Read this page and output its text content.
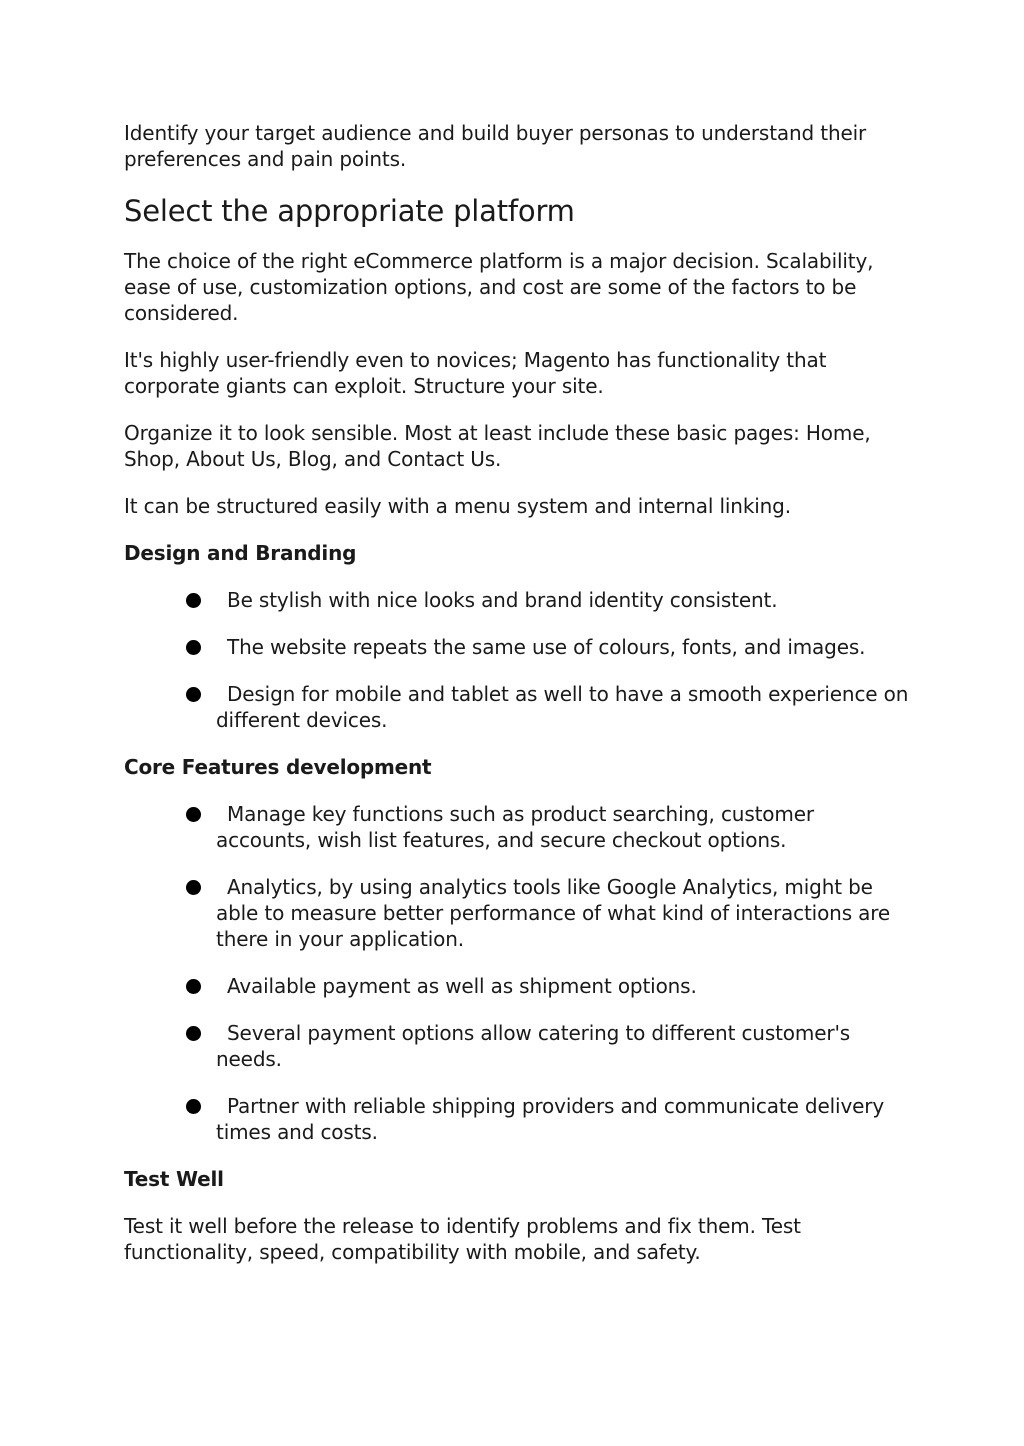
Identify your target audience and build buyer personas to understand their preferences and pain points.

Select the appropriate platform

The choice of the right eCommerce platform is a major decision. Scalability, ease of use, customization options, and cost are some of the factors to be considered.

It's highly user-friendly even to novices; Magento has functionality that corporate giants can exploit. Structure your site.

Organize it to look sensible. Most at least include these basic pages: Home, Shop, About Us, Blog, and Contact Us.

It can be structured easily with a menu system and internal linking.

Design and Branding
Be stylish with nice looks and brand identity consistent.
The website repeats the same use of colours, fonts, and images.
Design for mobile and tablet as well to have a smooth experience on different devices.
Core Features development
Manage key functions such as product searching, customer accounts, wish list features, and secure checkout options.
Analytics, by using analytics tools like Google Analytics, might be able to measure better performance of what kind of interactions are there in your application.
Available payment as well as shipment options.
Several payment options allow catering to different customer's needs.
Partner with reliable shipping providers and communicate delivery times and costs.
Test Well

Test it well before the release to identify problems and fix them. Test functionality, speed, compatibility with mobile, and safety.
